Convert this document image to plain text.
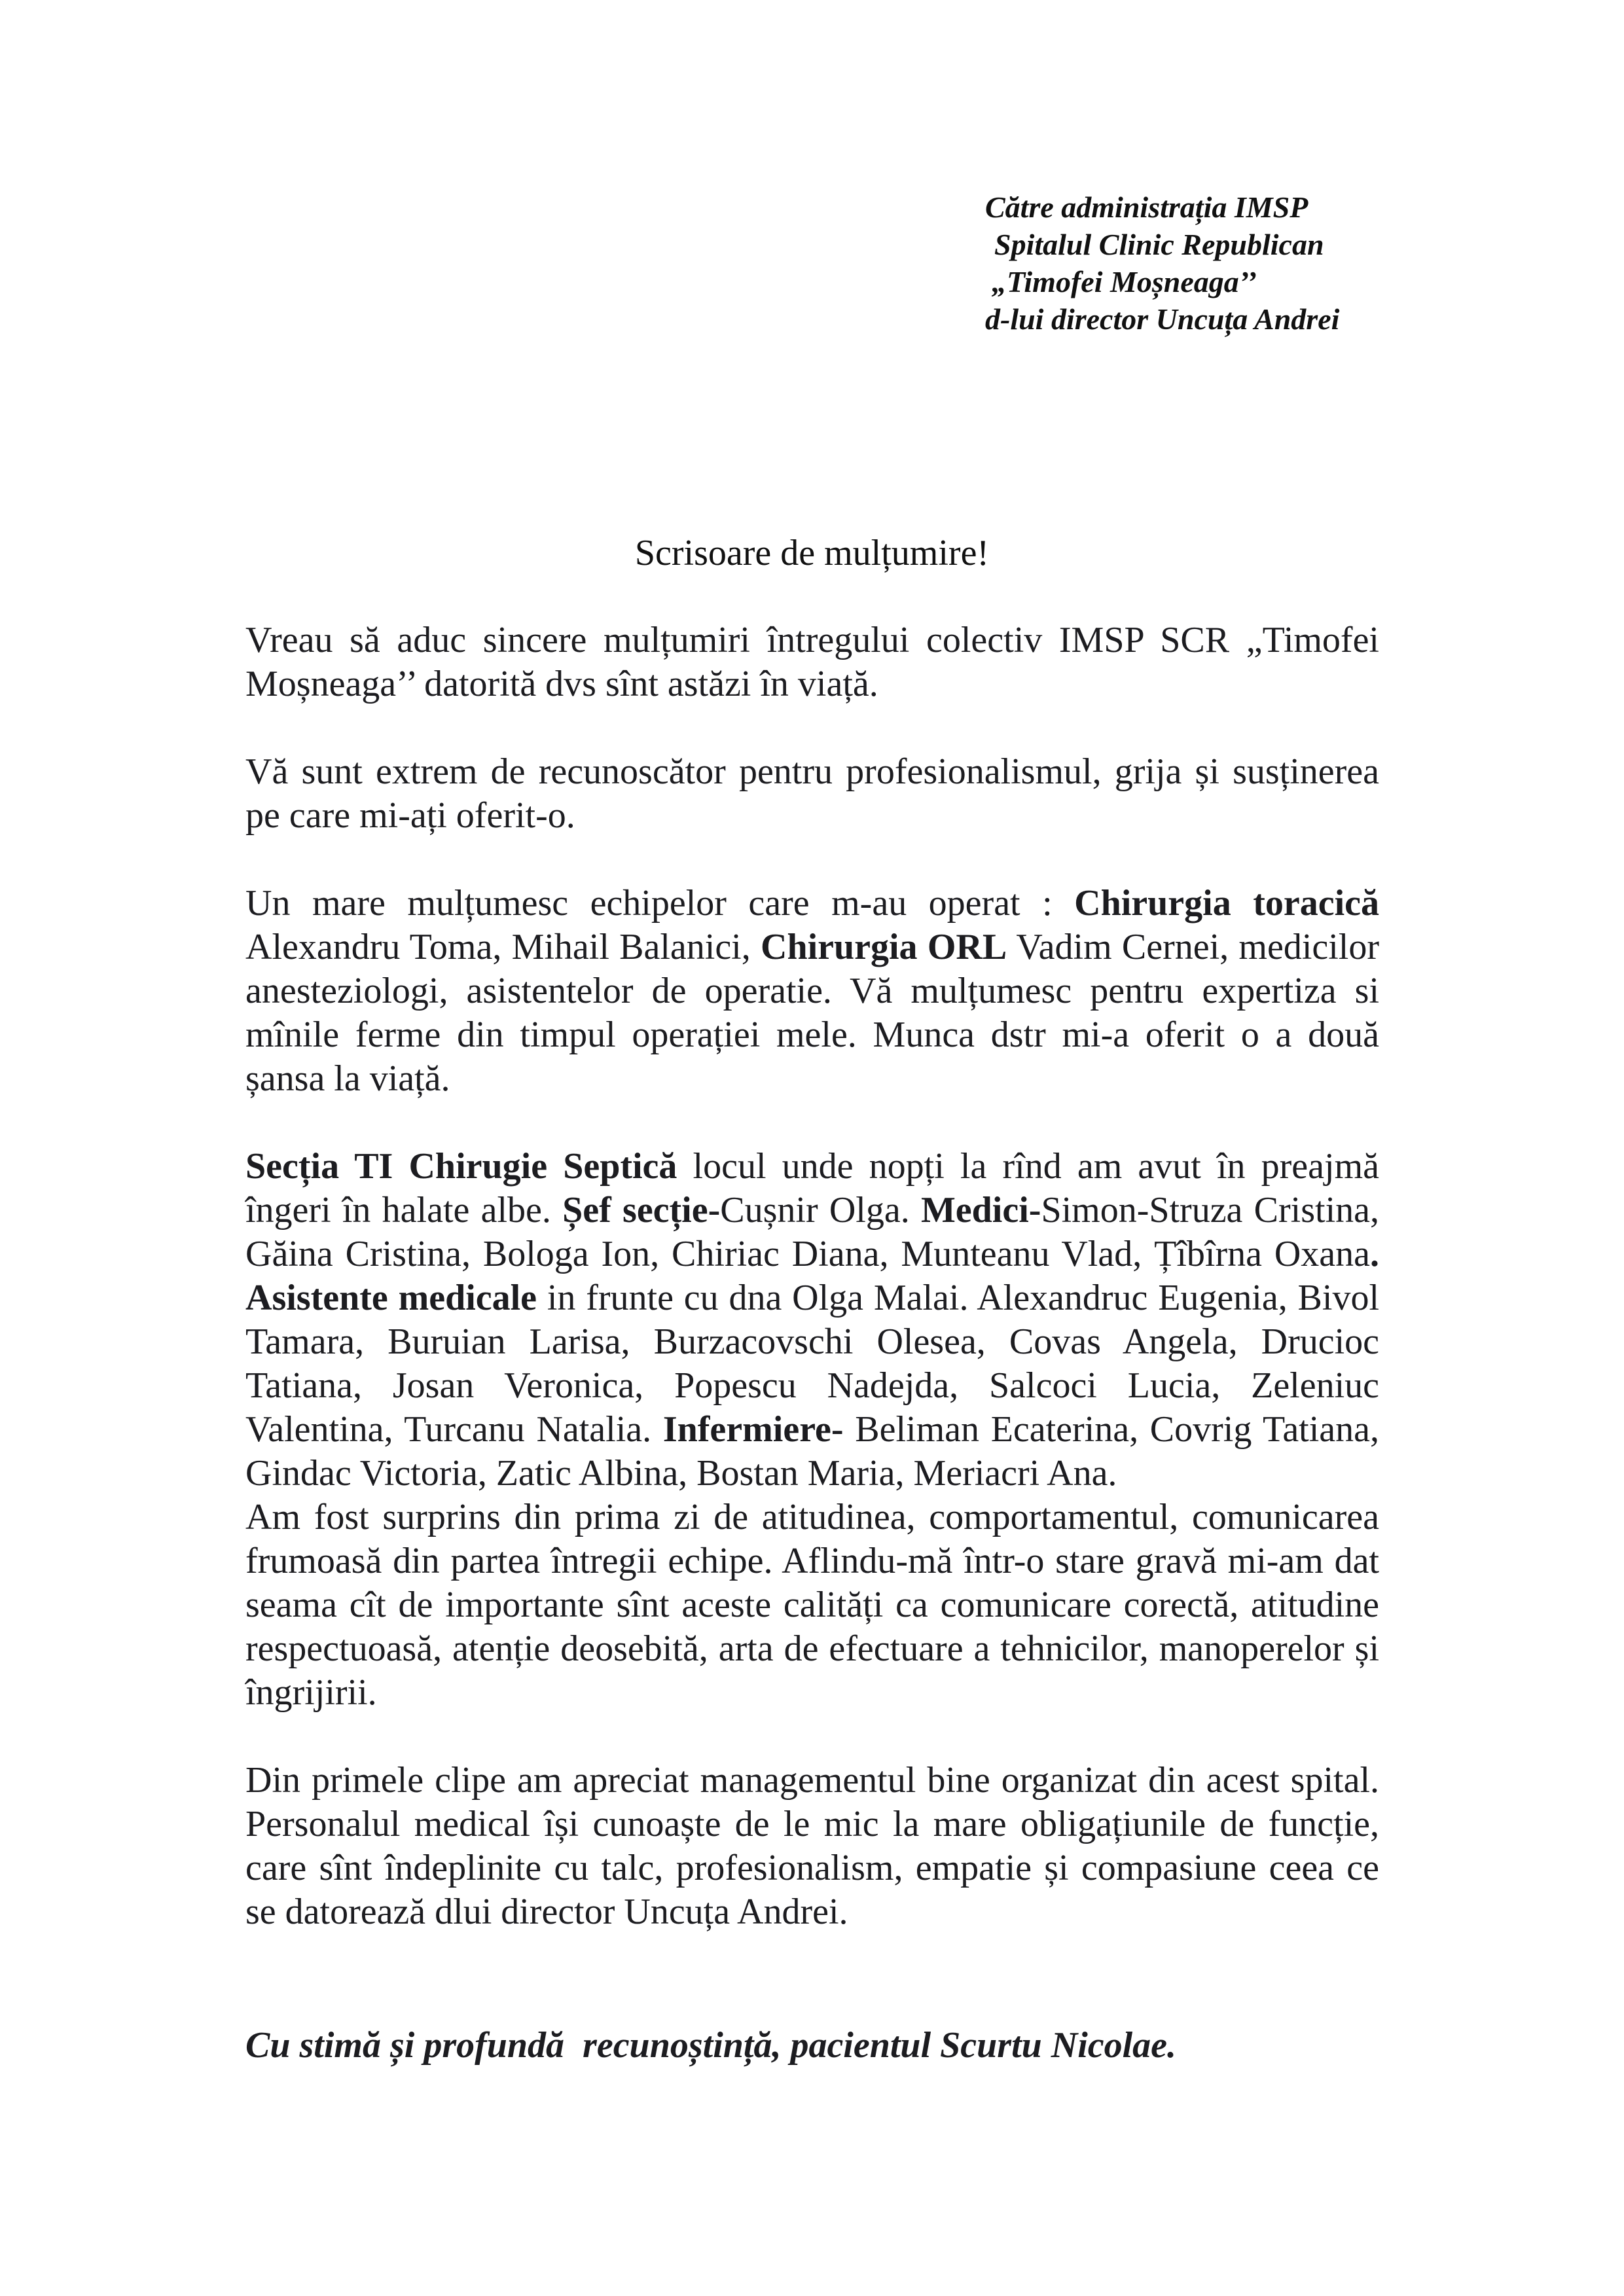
Către administrația IMSP
Spitalul Clinic Republican
„Timofei Moșneaga’’
d-lui director Uncuța Andrei
Scrisoare de mulțumire!

Vreau să aduc sincere mulțumiri întregului colectiv IMSP SCR „Timofei Moșneaga’’ datorită dvs sînt astăzi în viață.

Vă sunt extrem de recunoscător pentru profesionalismul, grija și susținerea pe care mi-ați oferit-o.

Un mare mulțumesc echipelor care m-au operat : Chirurgia toracică Alexandru Toma, Mihail Balanici, Chirurgia ORL Vadim Cernei, medicilor anesteziologi, asistentelor de operatie. Vă mulțumesc pentru expertiza si mînile ferme din timpul operației mele. Munca dstr mi-a oferit o a două șansa la viață.

Secția TI Chirugie Septică locul unde nopți la rînd am avut în preajmă îngeri în halate albe. Șef secție-Cușnir Olga. Medici-Simon-Struza Cristina, Găina Cristina, Bologa Ion, Chiriac Diana, Munteanu Vlad, Țîbîrna Oxana. Asistente medicale in frunte cu dna Olga Malai. Alexandruc Eugenia, Bivol Tamara, Buruian Larisa, Burzacovschi Olesea, Covas Angela, Drucioc Tatiana, Josan Veronica, Popescu Nadejda, Salcoci Lucia, Zeleniuc Valentina, Turcanu Natalia. Infermiere- Beliman Ecaterina, Covrig Tatiana, Gindac Victoria, Zatic Albina, Bostan Maria, Meriacri Ana.

Am fost surprins din prima zi de atitudinea, comportamentul, comunicarea frumoasă din partea întregii echipe. Aflindu-mă într-o stare gravă mi-am dat seama cît de importante sînt aceste calități ca comunicare corectă, atitudine respectuoasă, atenție deosebită, arta de efectuare a tehnicilor, manoperelor și îngrijirii.

Din primele clipe am apreciat managementul bine organizat din acest spital. Personalul medical își cunoaște de le mic la mare obligațiunile de funcție, care sînt îndeplinite cu talc, profesionalism, empatie și compasiune ceea ce se datorează dlui director Uncuța Andrei.

Cu stimă și profundă  recunoștință, pacientul Scurtu Nicolae.
